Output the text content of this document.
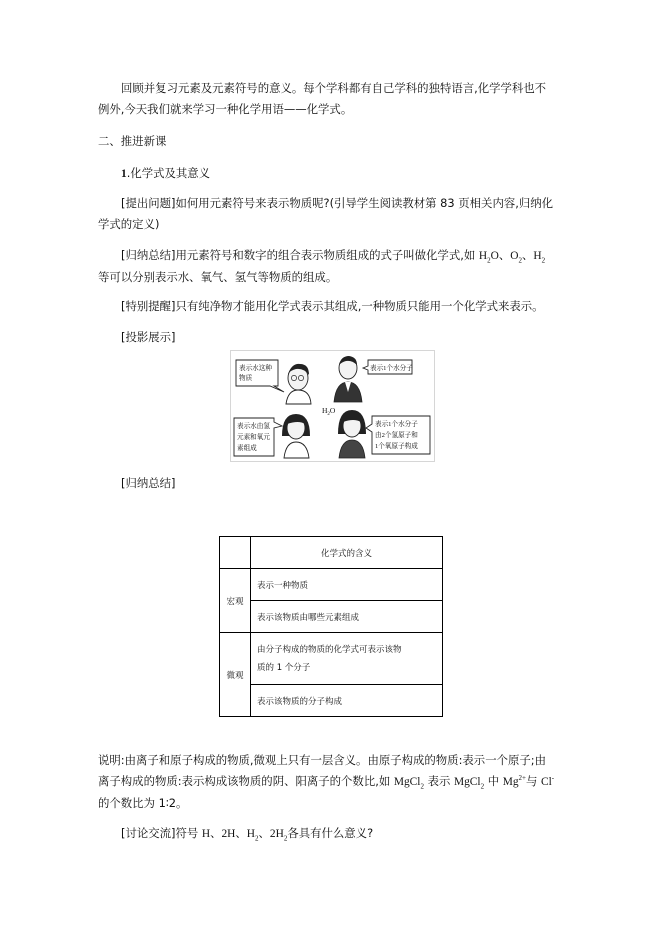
回顾并复习元素及元素符号的意义。每个学科都有自己学科的独特语言,化学学科也不
例外,今天我们就来学习一种化学用语——化学式。

二、推进新课

1.化学式及其意义

[提出问题]如何用元素符号来表示物质呢?(引导学生阅读教材第 83 页相关内容,归纳化
学式的定义)

[归纳总结]用元素符号和数字的组合表示物质组成的式子叫做化学式,如 $H_2O$、$O_2$、$H_2$
等可以分别表示水、氧气、氢气等物质的组成。

[特别提醒]只有纯净物才能用化学式表示其组成,一种物质只能用一个化学式来表示。

[投影展示]

表示水这种
物质
表示1个水分子
$H_2O$
表示水由氢
元素和氧元
素组成
表示1个水分子
由2个氢原子和
1个氧原子构成

[归纳总结]

	化学式的含义
宏观	表示一种物质
	表示该物质由哪些元素组成
微观	由分子构成的物质的化学式可表示该物
质的 1 个分子

	表示该物质的分子构成

说明:由离子和原子构成的物质,微观上只有一层含义。由原子构成的物质:表示一个原子;由
离子构成的物质:表示构成该物质的阴、阳离子的个数比,如 MgCl$_2$ 表示 MgCl$_2$ 中 $Mg^{2+}$与 Cl-
的个数比为 1∶2。

[讨论交流]符号 H、2H、$H_2$、$2H_2$各具有什么意义?
